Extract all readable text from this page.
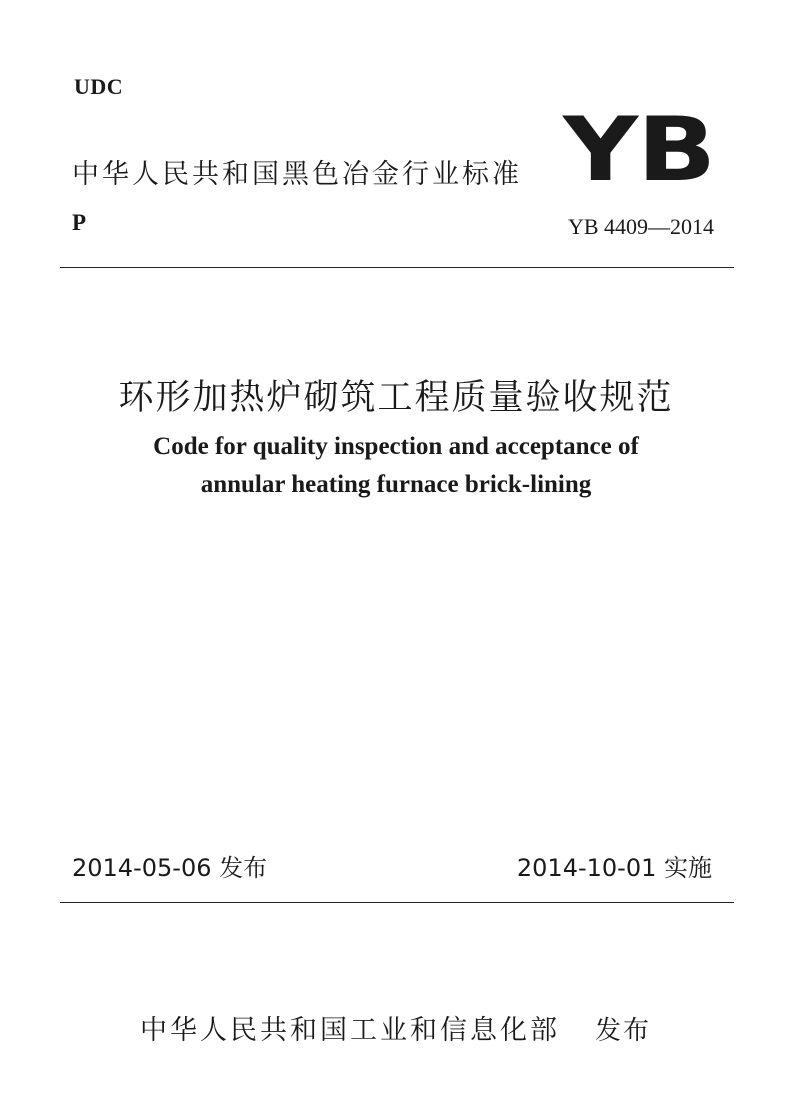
UDC
中华人民共和国黑色冶金行业标准 YB
P	YB 4409—2014
环形加热炉砌筑工程质量验收规范
Code for quality inspection and acceptance of
annular heating furnace brick-lining
2014-05-06 发布	2014-10-01 实施
中华人民共和国工业和信息化部 发布
